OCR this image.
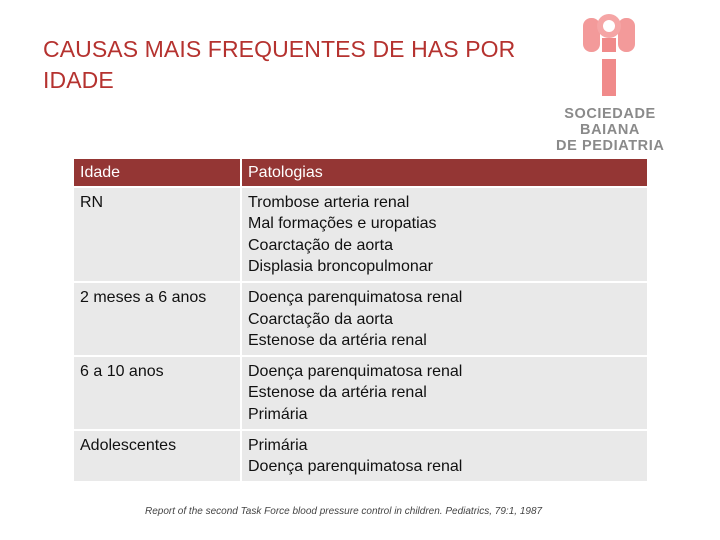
CAUSAS MAIS FREQUENTES DE HAS POR
IDADE
SOCIEDADE
BAIANA
DE PEDIATRIA
Idade	Patologias
RN	Trombose arteria renal
Mal formações e uropatias
Coarctação de aorta
Displasia broncopulmonar

2 meses a 6 anos	Doença parenquimatosa renal
Coarctação da aorta
Estenose da artéria renal

6 a 10 anos	Doença parenquimatosa renal
Estenose da artéria renal
Primária

Adolescentes	Primária
Doença parenquimatosa renal
Report of the second Task Force blood pressure control in children. Pediatrics, 79:1, 1987
